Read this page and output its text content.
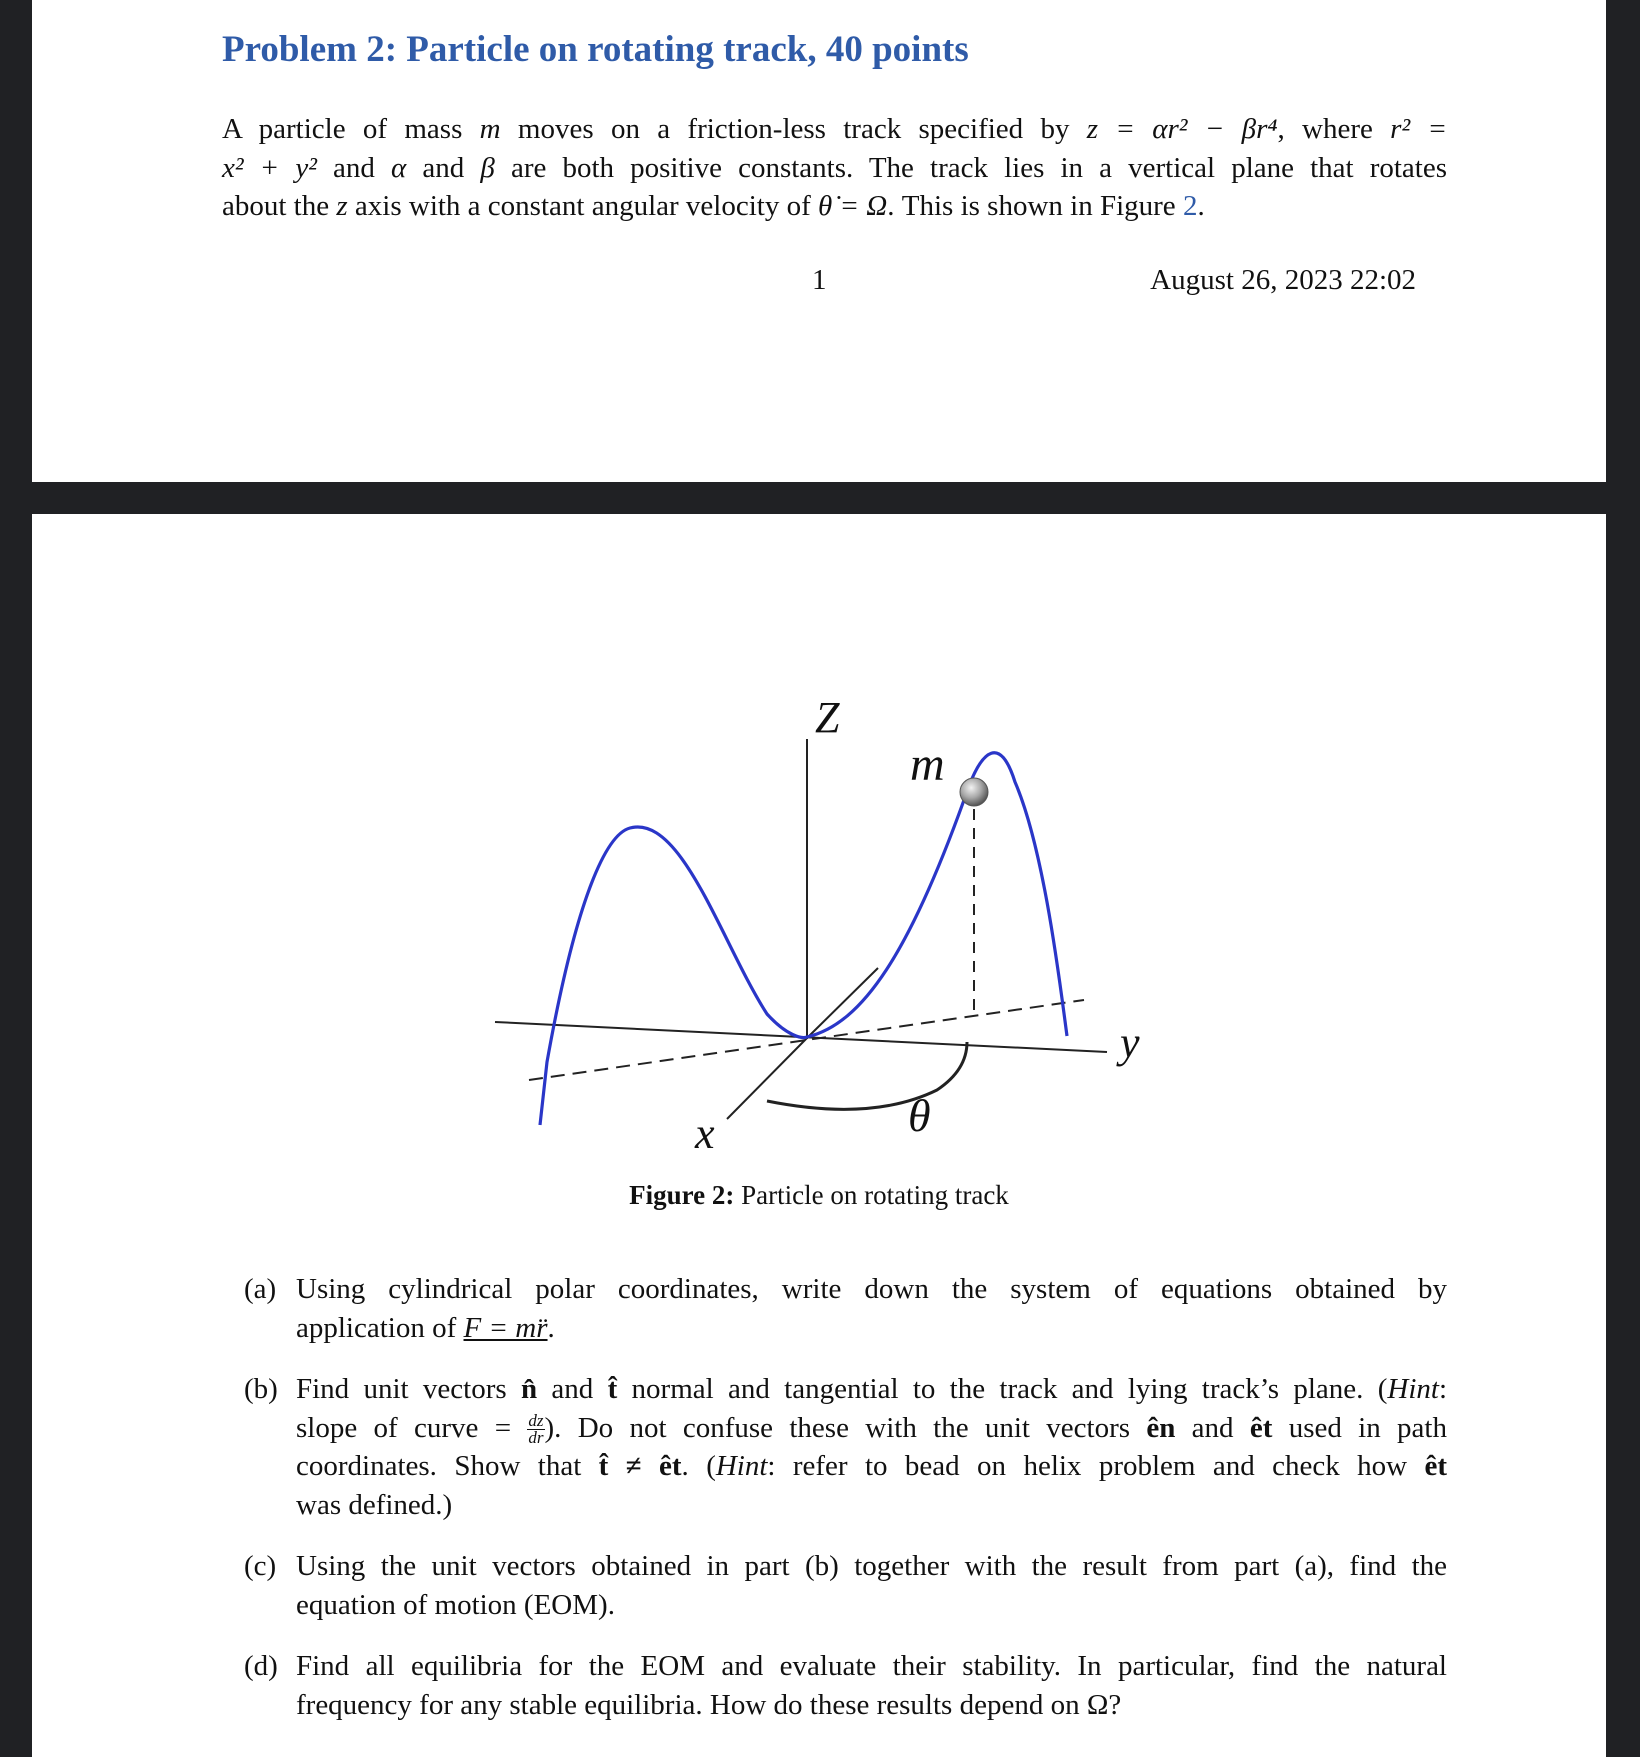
Problem 2: Particle on rotating track, 40 points

A particle of mass m moves on a friction-less track specified by z = αr² − βr⁴, where r² =
x² + y² and α and β are both positive constants. The track lies in a vertical plane that rotates
about the z axis with a constant angular velocity of θ̇ = Ω. This is shown in Figure 2.

1	August 26, 2023 22:02
Z
m
y
x	θ
Figure 2: Particle on rotating track
(a) Using cylindrical polar coordinates, write down the system of equations obtained by
application of F = mr̈.
(b) Find unit vectors n̂ and t̂ normal and tangential to the track and lying track’s plane. (Hint:
slope of curve = $\frac{dz}{dr}$ ). Do not confuse these with the unit vectors ên and êt used in path
coordinates. Show that t̂ ≠ êt. (Hint: refer to bead on helix problem and check how êt
was defined.)
(c) Using the unit vectors obtained in part (b) together with the result from part (a), find the
equation of motion (EOM).
(d) Find all equilibria for the EOM and evaluate their stability. In particular, find the natural
frequency for any stable equilibria. How do these results depend on Ω?
